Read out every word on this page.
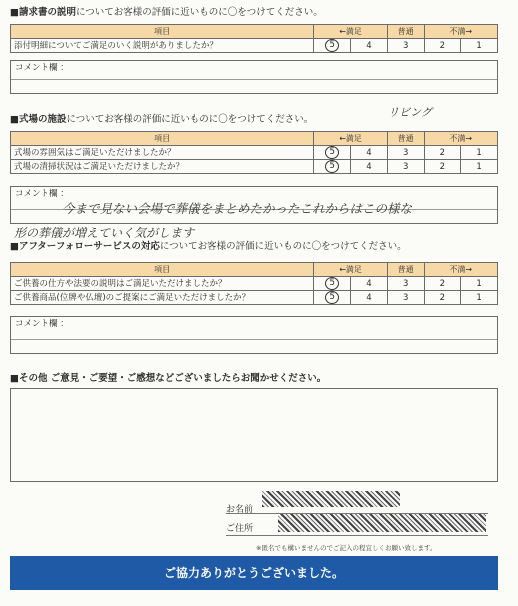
■請求書の説明についてお客様の評価に近いものに〇をつけてください。
項目	←満足		普通	不満→	
添付明細についてご満足のいく説明がありましたか？	5	4	3	2	1
コメント欄 ：
■式場の施設についてお客様の評価に近いものに〇をつけてください。
リビング
項目	←満足		普通	不満→	
式場の雰囲気はご満足いただけましたか？	5	4	3	2	1
式場の清掃状況はご満足いただけましたか？	5	4	3	2	1
コメント欄 ：
今まで見ない会場で葬儀をまとめたかったこれからはこの様な
形の葬儀が増えていく気がします
■アフターフォローサービスの対応についてお客様の評価に近いものに〇をつけてください。
項目	←満足		普通	不満→	
ご供養の仕方や法要の説明はご満足いただけましたか？	5	4	3	2	1
ご供養商品(位牌や仏壇)のご提案にご満足いただけましたか？	5	4	3	2	1
コメント欄 ：
■その他 ご意見・ご要望・ご感想などございましたらお聞かせください。
お名前
ご住所
※匿名でも構いませんのでご記入の程宜しくお願い致します。
ご協力ありがとうございました。
